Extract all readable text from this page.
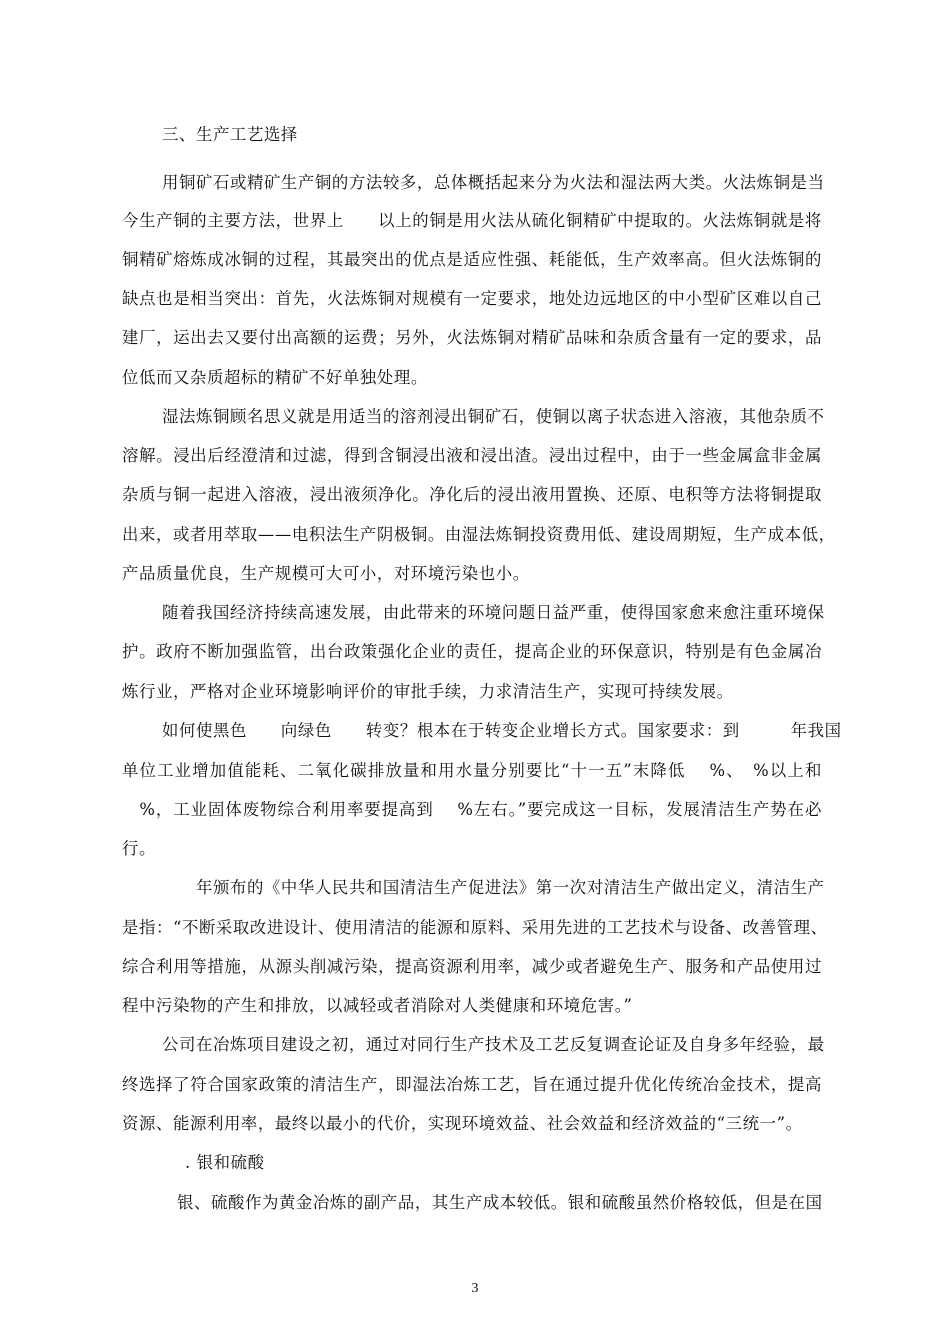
三、生产工艺选择
用铜矿石或精矿生产铜的方法较多，总体概括起来分为火法和湿法两大类。火法炼铜是当
今生产铜的主要方法，世界上　　以上的铜是用火法从硫化铜精矿中提取的。火法炼铜就是将
铜精矿熔炼成冰铜的过程，其最突出的优点是适应性强、耗能低，生产效率高。但火法炼铜的
缺点也是相当突出：首先，火法炼铜对规模有一定要求，地处边远地区的中小型矿区难以自己
建厂，运出去又要付出高额的运费；另外，火法炼铜对精矿品味和杂质含量有一定的要求，品
位低而又杂质超标的精矿不好单独处理。
湿法炼铜顾名思义就是用适当的溶剂浸出铜矿石，使铜以离子状态进入溶液，其他杂质不
溶解。浸出后经澄清和过滤，得到含铜浸出液和浸出渣。浸出过程中，由于一些金属盒非金属
杂质与铜一起进入溶液，浸出液须净化。净化后的浸出液用置换、还原、电积等方法将铜提取
出来，或者用萃取——电积法生产阴极铜。由湿法炼铜投资费用低、建设周期短，生产成本低，
产品质量优良，生产规模可大可小，对环境污染也小。
随着我国经济持续高速发展，由此带来的环境问题日益严重，使得国家愈来愈注重环境保
护。政府不断加强监管，出台政策强化企业的责任，提高企业的环保意识，特别是有色金属冶
炼行业，严格对企业环境影响评价的审批手续，力求清洁生产，实现可持续发展。
如何使黑色　　向绿色　　转变？根本在于转变企业增长方式。国家要求：到　　　年我国
单位工业增加值能耗、二氧化碳排放量和用水量分别要比“十一五”末降低　 %、　%以上和
　%，工业固体废物综合利用率要提高到　 %左右。”要完成这一目标，发展清洁生产势在必
行。
　　年颁布的《中华人民共和国清洁生产促进法》第一次对清洁生产做出定义，清洁生产
是指：“不断采取改进设计、使用清洁的能源和原料、采用先进的工艺技术与设备、改善管理、
综合利用等措施，从源头削减污染，提高资源利用率，减少或者避免生产、服务和产品使用过
程中污染物的产生和排放，以减轻或者消除对人类健康和环境危害。”
公司在冶炼项目建设之初，通过对同行生产技术及工艺反复调查论证及自身多年经验，最
终选择了符合国家政策的清洁生产，即湿法冶炼工艺，旨在通过提升优化传统冶金技术，提高
资源、能源利用率，最终以最小的代价，实现环境效益、社会效益和经济效益的“三统一”。
. 银和硫酸
银、硫酸作为黄金冶炼的副产品，其生产成本较低。银和硫酸虽然价格较低，但是在国
3
